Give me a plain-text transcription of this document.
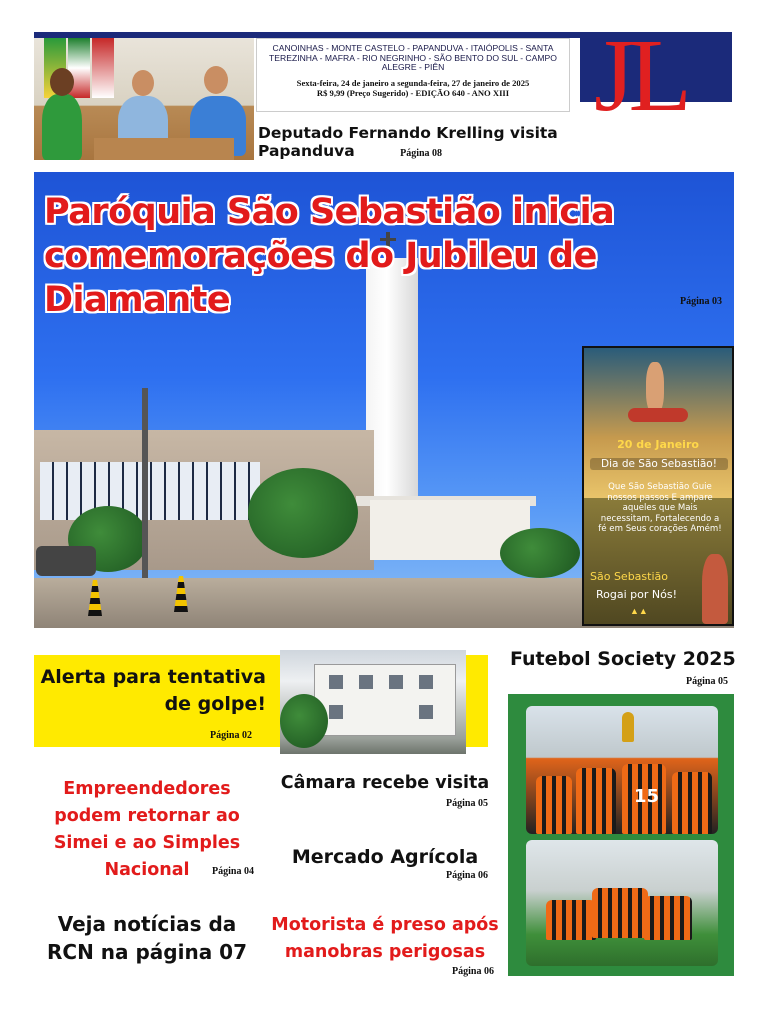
CANOINHAS - MONTE CASTELO - PAPANDUVA - ITAIÓPOLIS - SANTA TEREZINHA - MAFRA - RIO NEGRINHO - SÃO BENTO DO SUL - CAMPO ALEGRE - PIÊN
Sexta-feira, 24 de janeiro a segunda-feira, 27 de janeiro de 2025
R$ 9,99 (Preço Sugerido) - EDIÇÃO 640 - ANO XIII JL
Deputado Fernando Krelling visita Papanduva	Página 08
Paróquia São Sebastião inicia comemorações do Jubileu de Diamante	Página 03
20 de Janeiro
Dia de São Sebastião!
Que São Sebastião Guie nossos passos E ampare aqueles que Mais necessitam, Fortalecendo a fé em Seus corações Amém!
São Sebastião
Rogai por Nós!
▲▲
Alerta para tentativa de golpe!
Página 02
Futebol Society 2025
Página 05
15
Empreendedores podem retornar ao Simei e ao Simples Nacional	Página 04
Câmara recebe visita
Página 05
Mercado Agrícola
Página 06
Veja notícias da RCN na página 07
Motorista é preso após manobras perigosas
Página 06
